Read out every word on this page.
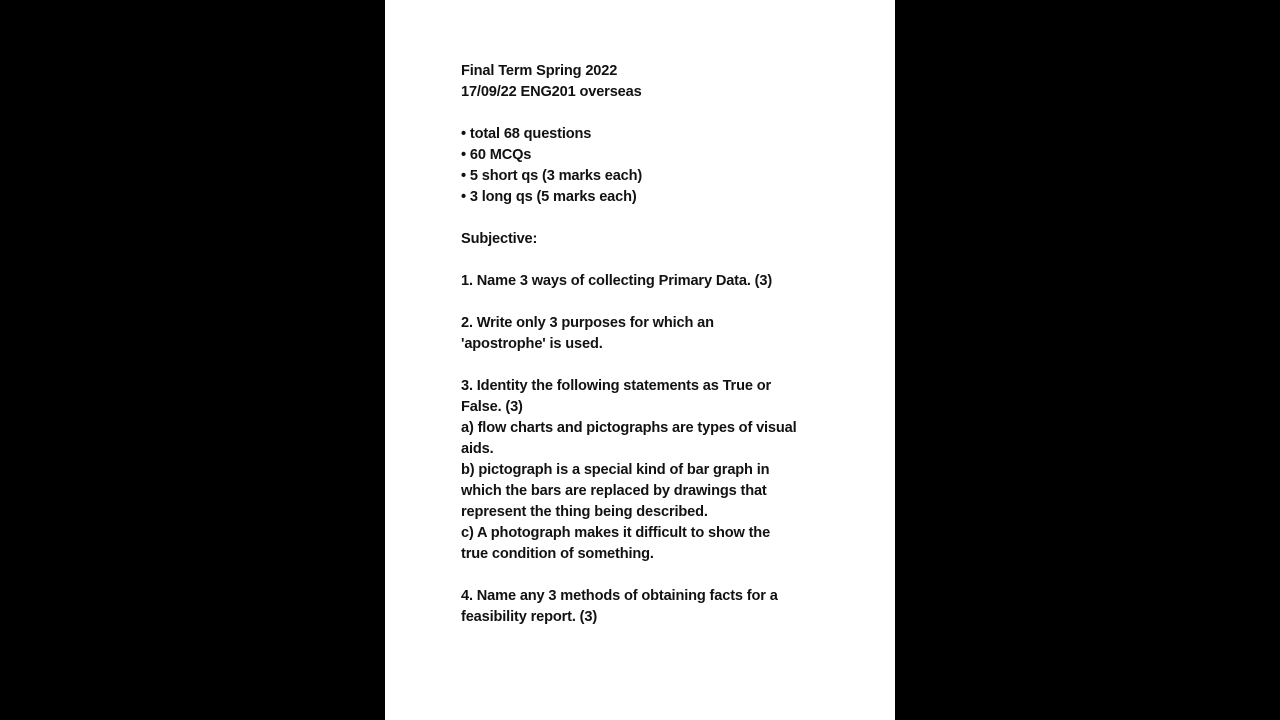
Final Term Spring 2022
17/09/22 ENG201 overseas
• total 68 questions
• 60 MCQs
• 5 short qs (3 marks each)
• 3 long qs (5 marks each)
Subjective:
1. Name 3 ways of collecting Primary Data. (3)
2. Write only 3 purposes for which an
'apostrophe' is used.
3. Identity the following statements as True or
False. (3)
a) flow charts and pictographs are types of visual
aids.
b) pictograph is a special kind of bar graph in
which the bars are replaced by drawings that
represent the thing being described.
c) A photograph makes it difficult to show the
true condition of something.
4. Name any 3 methods of obtaining facts for a
feasibility report. (3)
